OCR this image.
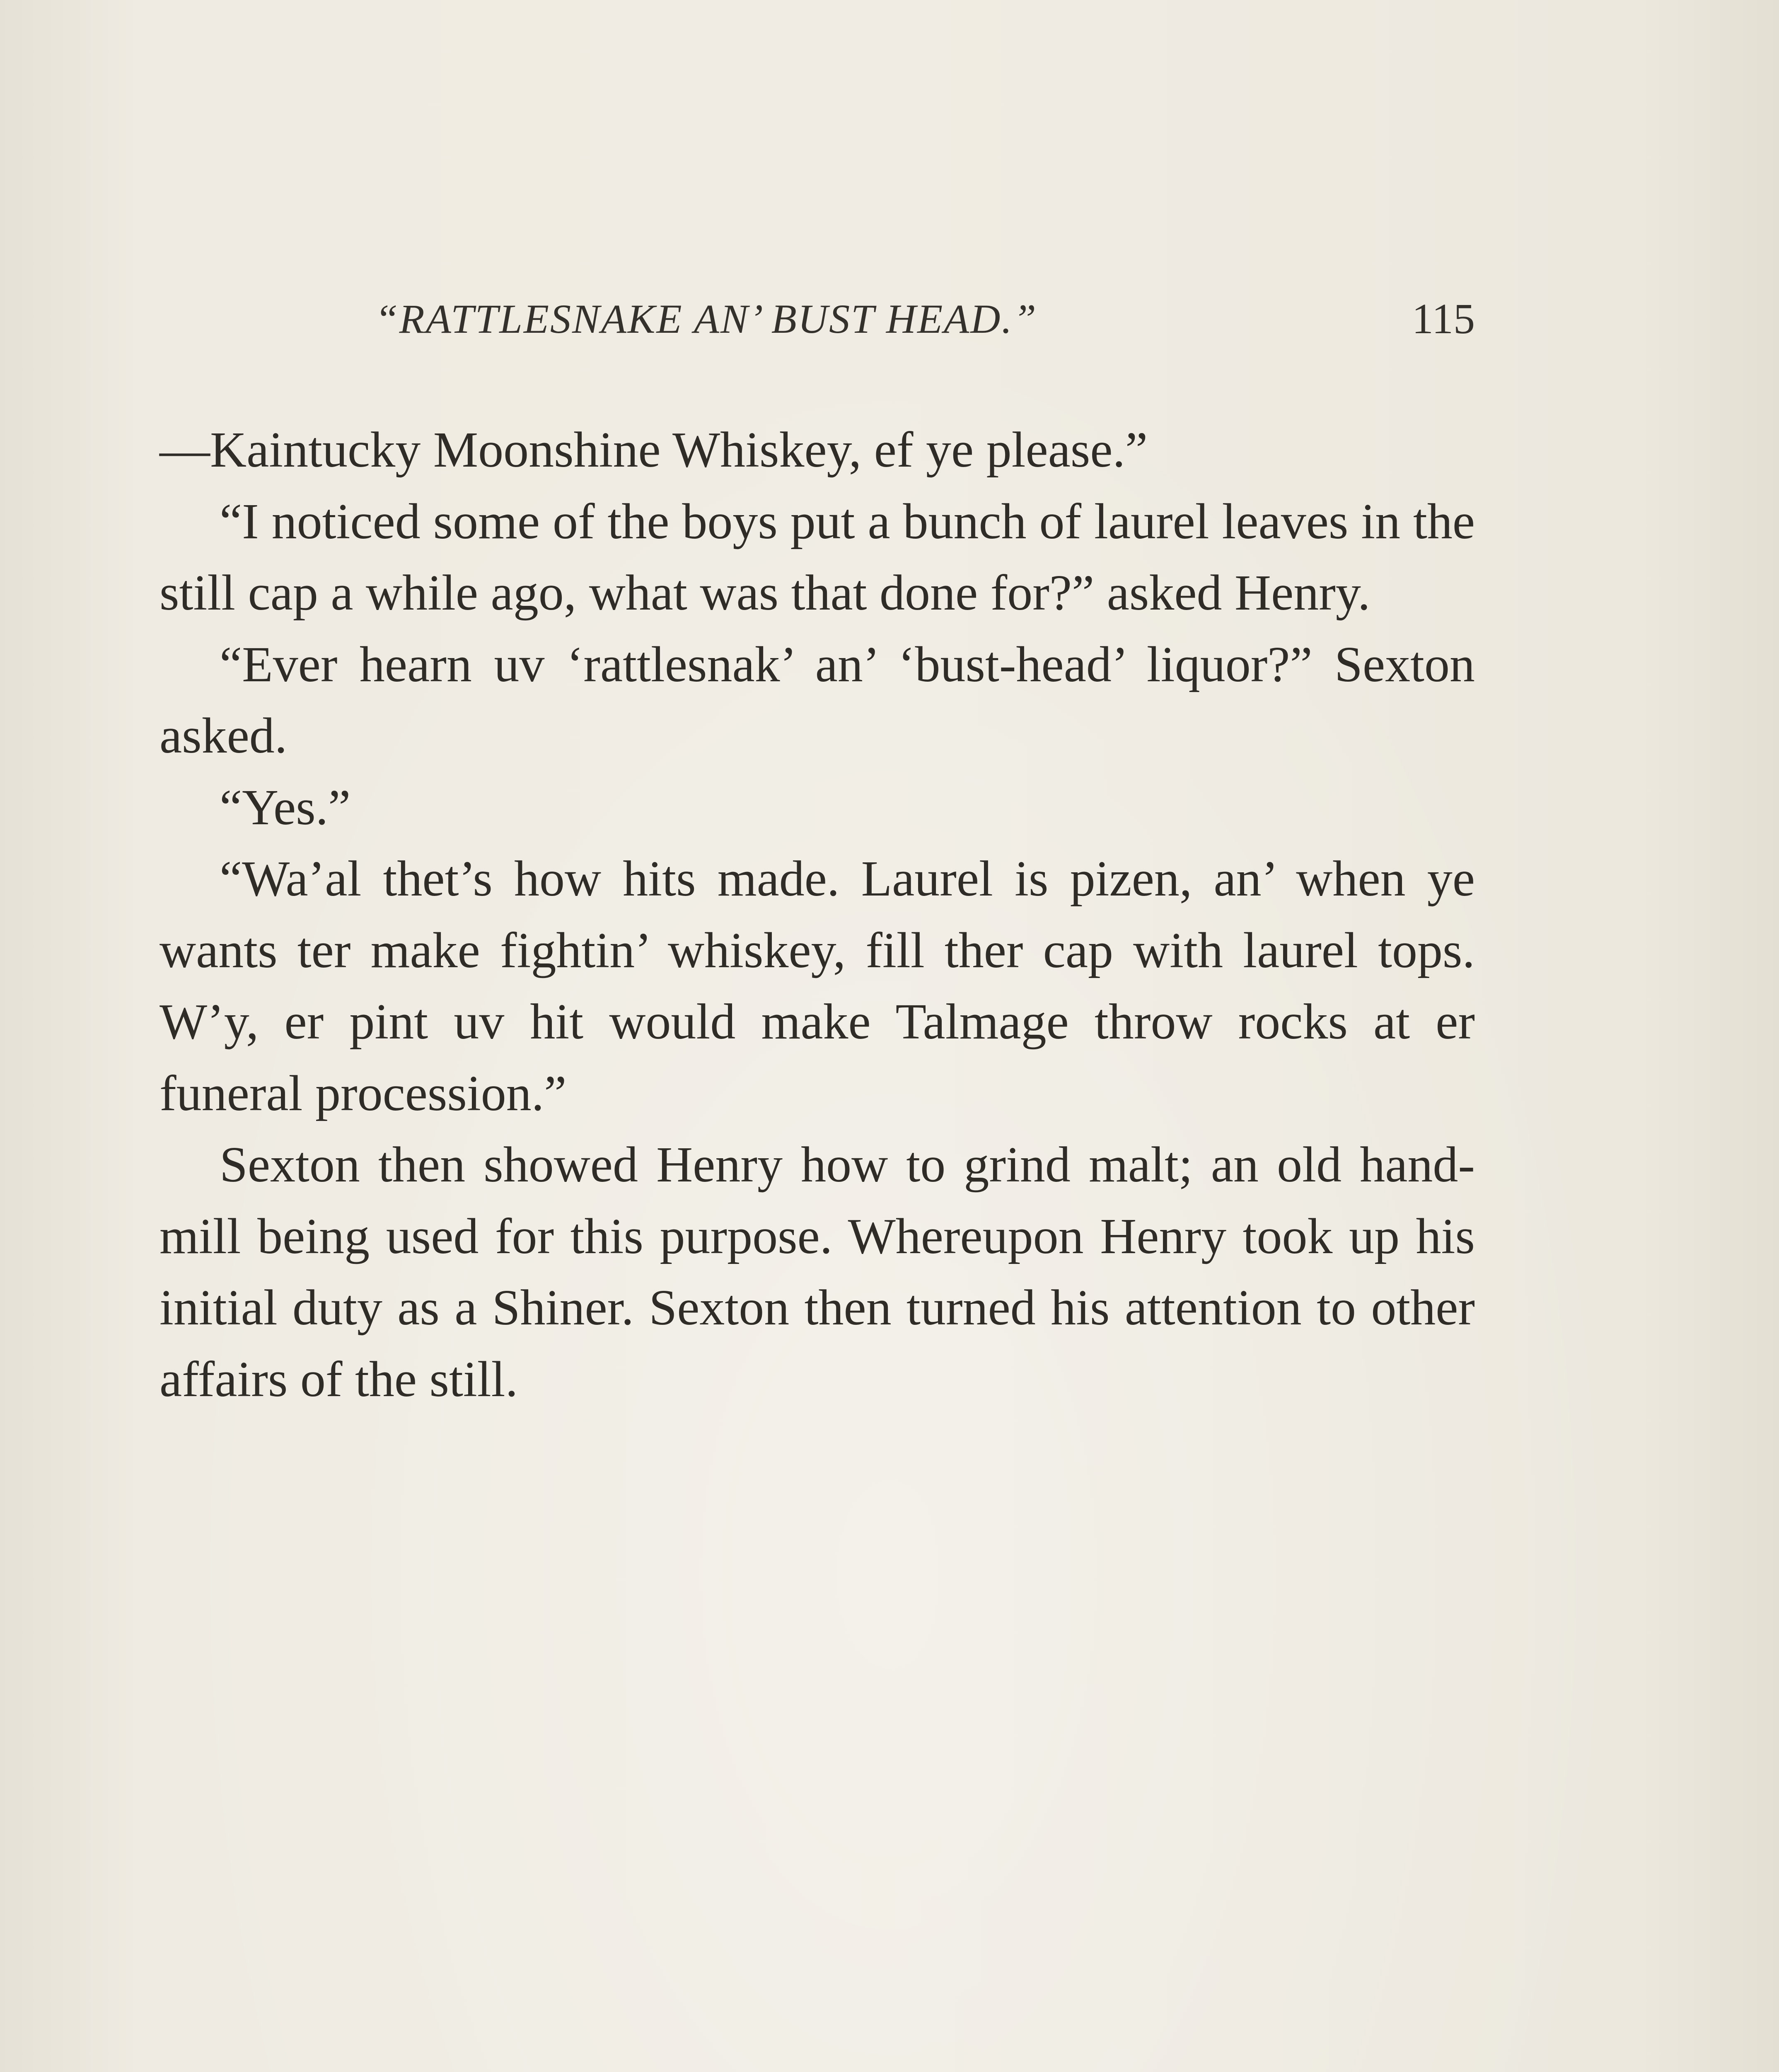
“RATTLESNAKE AN’ BUST HEAD.”	115

—Kaintucky Moonshine Whiskey, ef ye please.”

“I noticed some of the boys put a bunch of laurel leaves in the still cap a while ago, what was that done for?” asked Henry.

“Ever hearn uv ‘rattlesnak’ an’ ‘bust-head’ liquor?” Sexton asked.

“Yes.”

“Wa’al thet’s how hits made. Laurel is pizen, an’ when ye wants ter make fightin’ whiskey, fill ther cap with laurel tops. W’y, er pint uv hit would make Talmage throw rocks at er funeral procession.”

Sexton then showed Henry how to grind malt; an old hand-mill being used for this purpose. Whereupon Henry took up his initial duty as a Shiner. Sexton then turned his attention to other affairs of the still.
